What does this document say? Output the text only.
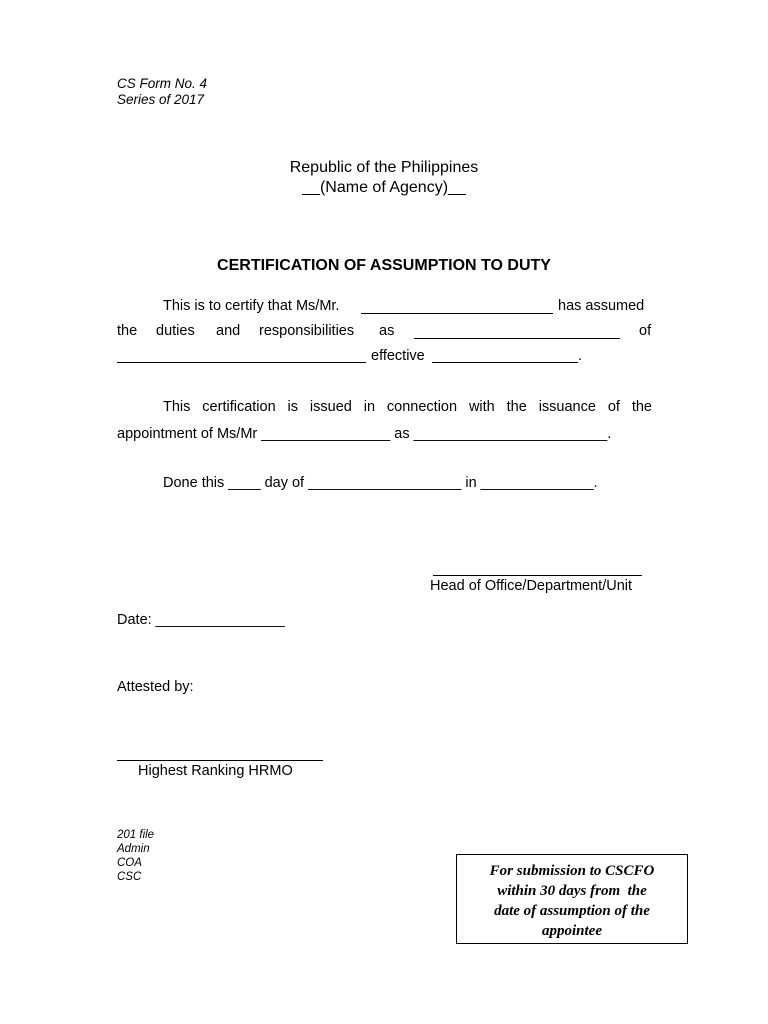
CS Form No. 4
Series of 2017
Republic of the Philippines
__(Name of Agency)__
CERTIFICATION OF ASSUMPTION TO DUTY
This is to certify that Ms/Mr.	has assumed
the duties and responsibilities as	of
effective	.
This certification is issued in connection with the issuance of the
appointment of Ms/Mr ________________ as ________________________.
Done this ____ day of ___________________ in ______________.
Head of Office/Department/Unit
Date: ________________
Attested by:
Highest Ranking HRMO
201 file
Admin
COA
CSC	For submission to CSCFO
within 30 days from  the
date of assumption of the
appointee
